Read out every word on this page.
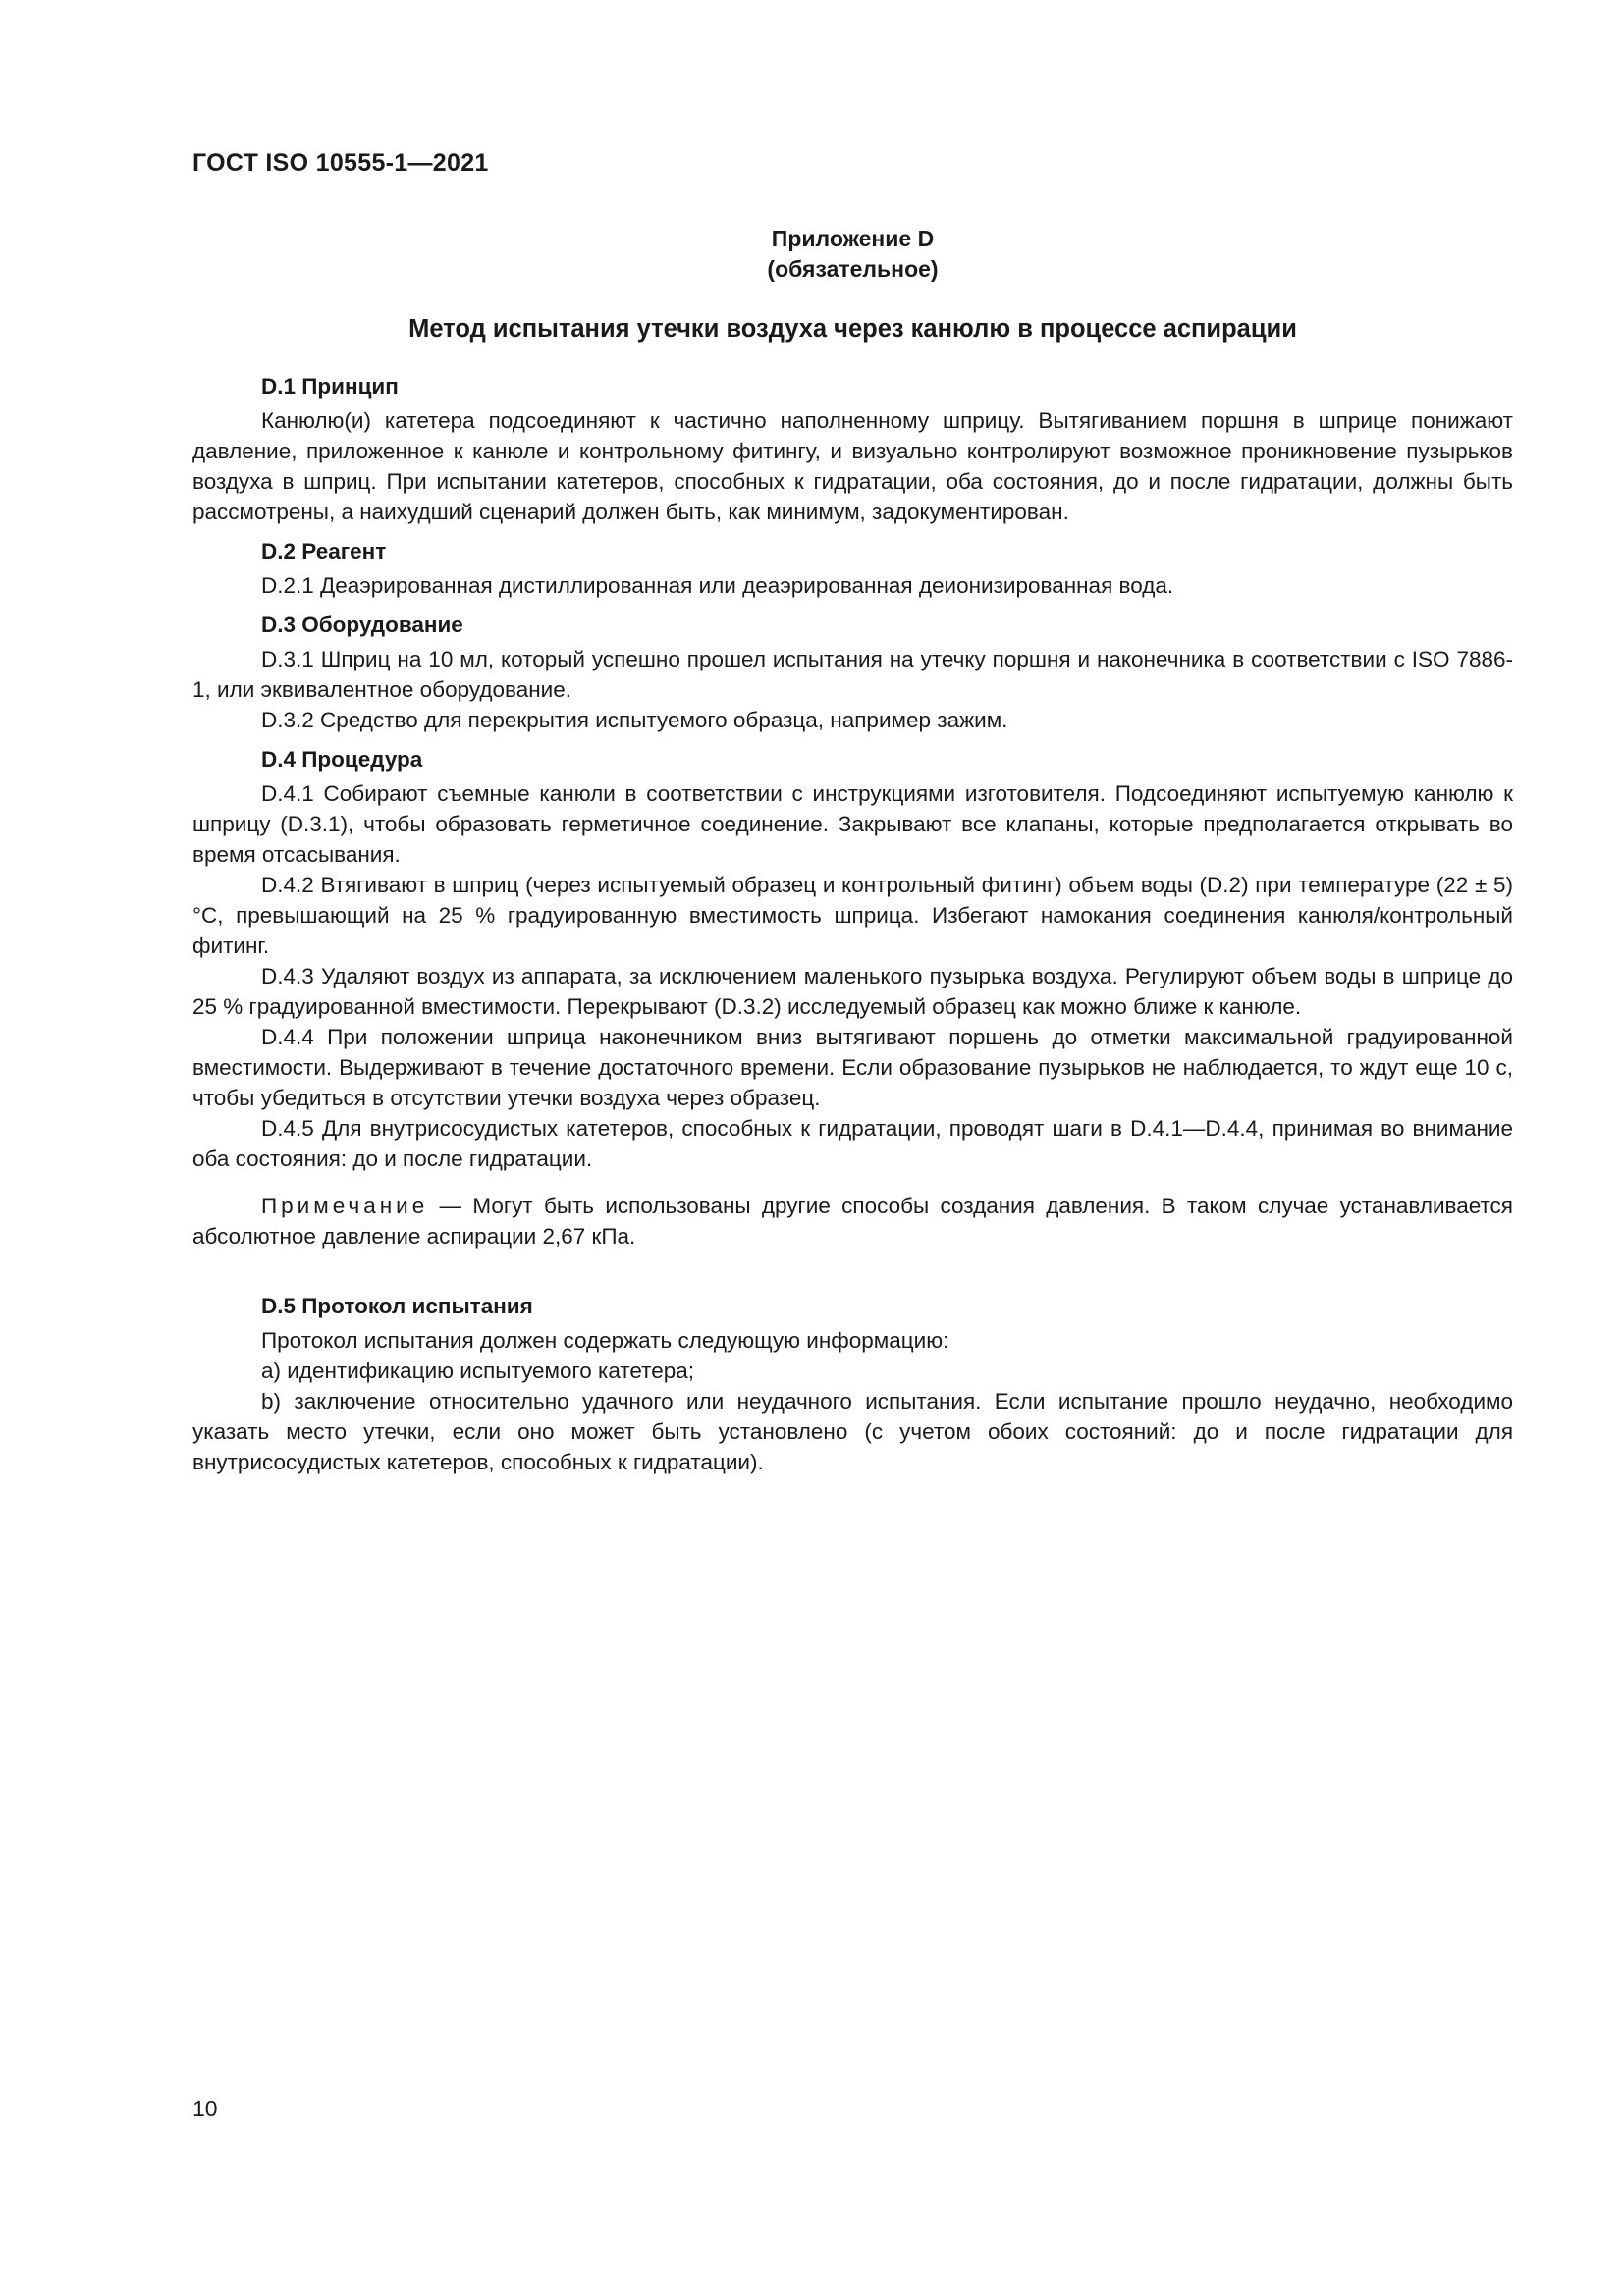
ГОСТ ISO 10555-1—2021
Приложение D
(обязательное)
Метод испытания утечки воздуха через канюлю в процессе аспирации
D.1 Принцип

Канюлю(и) катетера подсоединяют к частично наполненному шприцу. Вытягиванием поршня в шприце понижают давление, приложенное к канюле и контрольному фитингу, и визуально контролируют возможное проникновение пузырьков воздуха в шприц. При испытании катетеров, способных к гидратации, оба состояния, до и после гидратации, должны быть рассмотрены, а наихудший сценарий должен быть, как минимум, задокументирован.

D.2 Реагент

D.2.1 Деаэрированная дистиллированная или деаэрированная деионизированная вода.

D.3 Оборудование

D.3.1 Шприц на 10 мл, который успешно прошел испытания на утечку поршня и наконечника в соответствии с ISO 7886-1, или эквивалентное оборудование.

D.3.2 Средство для перекрытия испытуемого образца, например зажим.

D.4 Процедура

D.4.1 Собирают съемные канюли в соответствии с инструкциями изготовителя. Подсоединяют испытуемую канюлю к шприцу (D.3.1), чтобы образовать герметичное соединение. Закрывают все клапаны, которые предполагается открывать во время отсасывания.

D.4.2 Втягивают в шприц (через испытуемый образец и контрольный фитинг) объем воды (D.2) при температуре (22 ± 5) °C, превышающий на 25 % градуированную вместимость шприца. Избегают намокания соединения канюля/контрольный фитинг.

D.4.3 Удаляют воздух из аппарата, за исключением маленького пузырька воздуха. Регулируют объем воды в шприце до 25 % градуированной вместимости. Перекрывают (D.3.2) исследуемый образец как можно ближе к канюле.

D.4.4 При положении шприца наконечником вниз вытягивают поршень до отметки максимальной градуированной вместимости. Выдерживают в течение достаточного времени. Если образование пузырьков не наблюдается, то ждут еще 10 с, чтобы убедиться в отсутствии утечки воздуха через образец.

D.4.5 Для внутрисосудистых катетеров, способных к гидратации, проводят шаги в D.4.1—D.4.4, принимая во внимание оба состояния: до и после гидратации.

Примечание — Могут быть использованы другие способы создания давления. В таком случае устанавливается абсолютное давление аспирации 2,67 кПа.

D.5 Протокол испытания

Протокол испытания должен содержать следующую информацию:

a) идентификацию испытуемого катетера;

b) заключение относительно удачного или неудачного испытания. Если испытание прошло неудачно, необходимо указать место утечки, если оно может быть установлено (с учетом обоих состояний: до и после гидратации для внутрисосудистых катетеров, способных к гидратации).

10
